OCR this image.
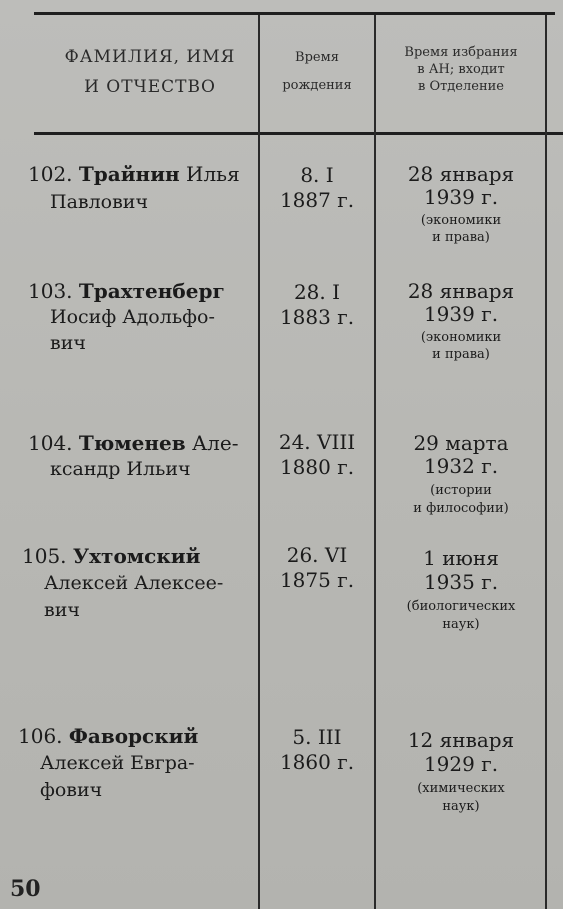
ФАМИЛИЯ, ИМЯ
И ОТЧЕСТВО
Время
рождения
Время избрания
в АН; входит
в Отделение
102. Трайнин Илья
Павлович
8. I
1887 г.
28 января
1939 г.
(экономики
и права)
103. Трахтенберг
Иосиф Адольфо-
вич
28. I
1883 г.
28 января
1939 г.
(экономики
и права)
104. Тюменев Але-
ксандр Ильич
24. VIII
1880 г.
29 марта
1932 г.
(истории
и философии)
105. Ухтомский
Алексей Алексее-
вич
26. VI
1875 г.
1 июня
1935 г.
(биологических
наук)
106. Фаворский
Алексей Евгра-
фович
5. III
1860 г.
12 января
1929 г.
(химических
наук)
50
